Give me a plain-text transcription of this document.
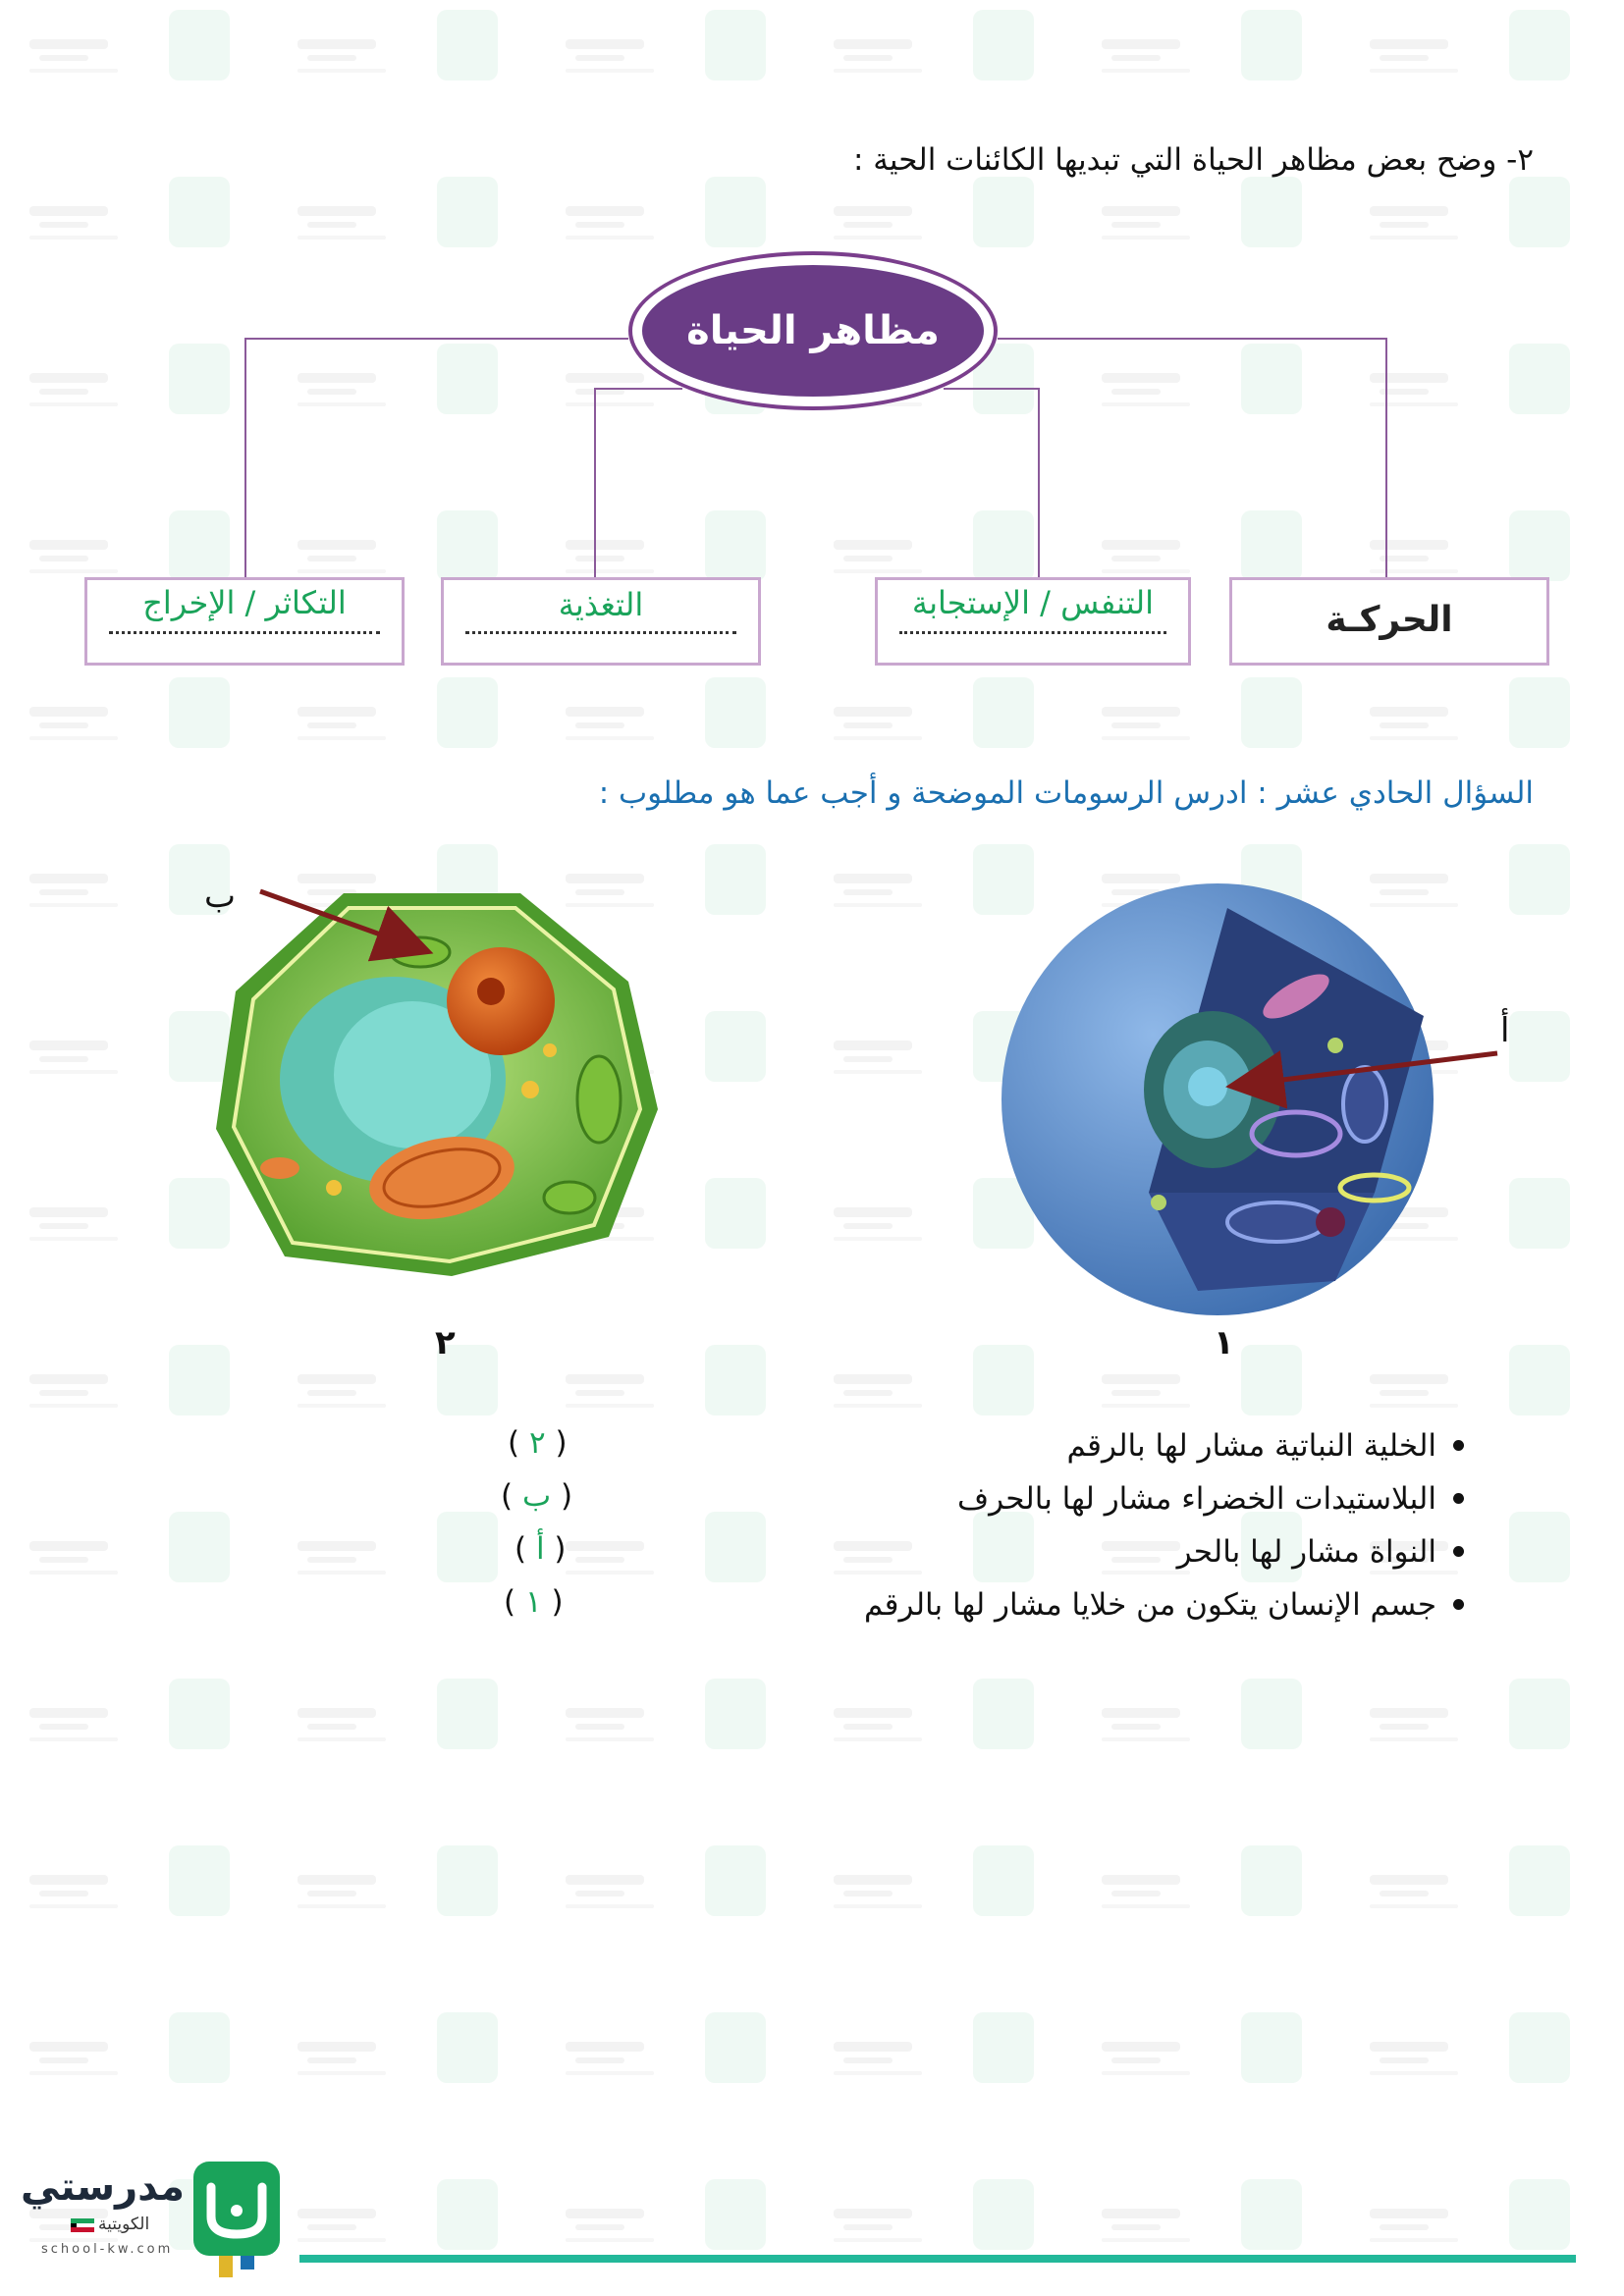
٢- وضح بعض مظاهر الحياة التي تبديها الكائنات الحية :
مظاهر الحياة
الحركـة
التنفس / الإستجابة
التغذية
التكاثر / الإخراج
السؤال الحادي عشر : ادرس الرسومات الموضحة و أجب عما هو مطلوب :
ب
أ
٢	١
الخلية النباتية مشار لها بالرقم
( ٢ )
البلاستيدات الخضراء مشار لها بالحرف
( ب )
النواة مشار لها بالحر
( أ )
جسم الإنسان يتكون من خلايا مشار لها بالرقم
( ١ )
مدرستي
الكويتية
school-kw.com
